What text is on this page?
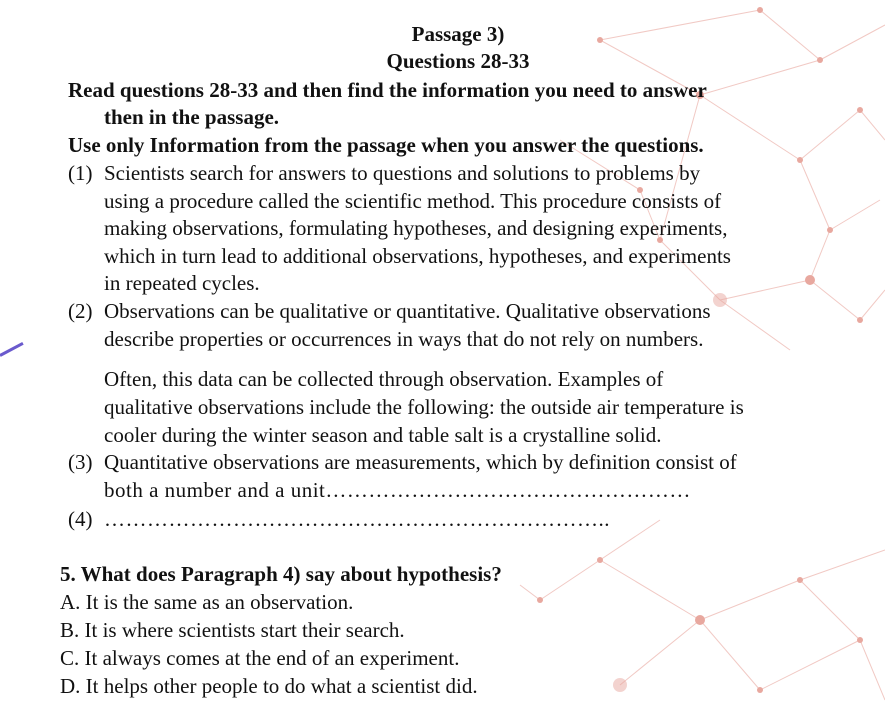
Passage 3)
Questions 28-33
Read questions 28-33 and then find the information you need to answer
then in the passage.
Use only Information from the passage when you answer the questions.
(1) Scientists search for answers to questions and solutions to problems by
using a procedure called the scientific method. This procedure consists of
making observations, formulating hypotheses, and designing experiments,
which in turn lead to additional observations, hypotheses, and experiments
in repeated cycles.
(2) Observations can be qualitative or quantitative. Qualitative observations
describe properties or occurrences in ways that do not rely on numbers.
Often, this data can be collected through observation. Examples of
qualitative observations include the following: the outside air temperature is
cooler during the winter season and table salt is a crystalline solid.
(3) Quantitative observations are measurements, which by definition consist of
both a number and a unit……………………………………………
(4) ……………………………………………………………..
5. What does Paragraph 4) say about hypothesis?
A. It is the same as an observation.
B. It is where scientists start their search.
C. It always comes at the end of an experiment.
D. It helps other people to do what a scientist did.
